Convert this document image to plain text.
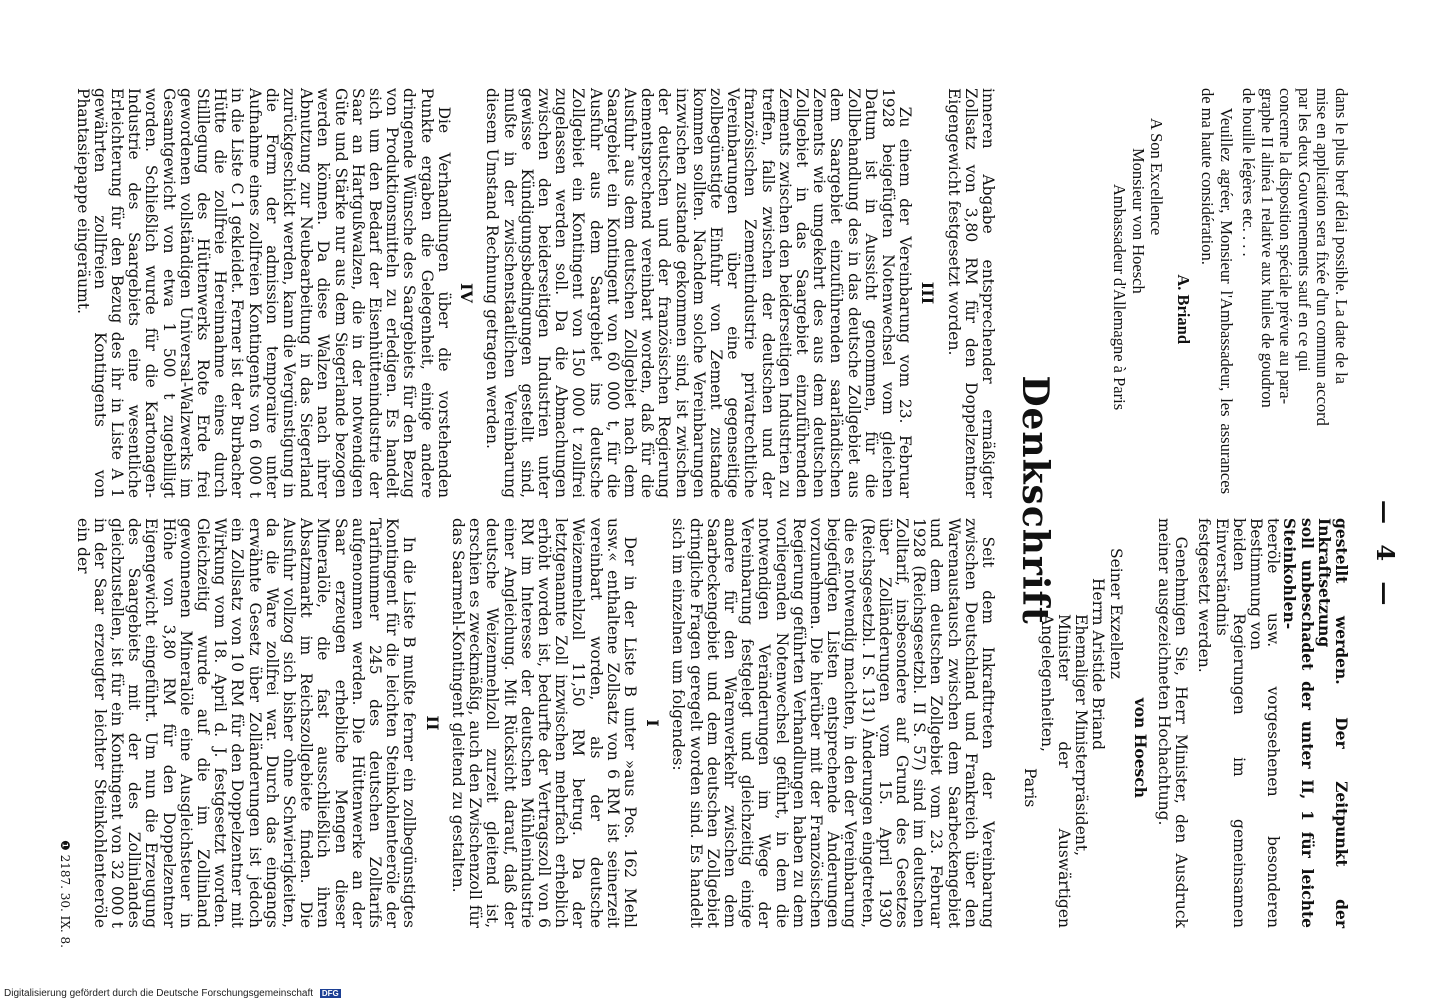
— 4 —
dans le plus bref délai possible. La date de la
mise en application sera fixée d'un commun accord
par les deux Gouvernements sauf en ce qui
concerne la disposition spéciale prévue au para-
graphe II alinéa 1 relative aux huiles de goudron
de houille légères etc. . . .

Veuillez agréer, Monsieur l'Ambassadeur, les assurances de ma haute considération.

A. Briand
A Son Excellence
Monsieur von Hoesch
Ambassadeur d'Allemagne à Paris
gestellt werden. Der Zeitpunkt der Inkraftsetzung
soll unbeschadet der unter II, 1 für leichte Steinkohlen-
teeröle usw. vorgesehenen besonderen Bestimmung von
beiden Regierungen im gemeinsamen Einverständnis
festgesetzt werden.

Genehmigen Sie, Herr Minister, den Ausdruck meiner ausgezeichneten Hochachtung.

von Hoesch
Seiner Exzellenz
Herrn Aristide Briand
Ehemaliger Ministerpräsident,
Minister der Auswärtigen Angelegenheiten,
Paris
Denkschrift

inneren Abgabe entsprechender ermäßigter Zollsatz von 3,80 RM für den Doppelzentner Eigengewicht festgesetzt worden.

III

Zu einem der Vereinbarung vom 23. Februar 1928 beigefügten Notenwechsel vom gleichen Datum ist in Aussicht genommen, für die Zollbehandlung des in das deutsche Zollgebiet aus dem Saargebiet einzuführenden saarländischen Zements wie umgekehrt des aus dem deutschen Zollgebiet in das Saargebiet einzuführenden Zements zwischen den beiderseitigen Industrien zu treffen, falls zwischen der deutschen und der französischen Zementindustrie privatrechtliche Vereinbarungen über eine gegenseitige zollbegünstigte Einfuhr von Zement zustande kommen sollten. Nachdem solche Vereinbarungen inzwischen zustande gekommen sind, ist zwischen der deutschen und der französischen Regierung dementsprechend vereinbart worden, daß für die Ausfuhr aus dem deutschen Zollgebiet nach dem Saargebiet ein Kontingent von 60 000 t, für die Ausfuhr aus dem Saargebiet ins deutsche Zollgebiet ein Kontingent von 150 000 t zollfrei zugelassen werden soll. Da die Abmachungen zwischen den beiderseitigen Industrien unter gewisse Kündigungsbedingungen gestellt sind, mußte in der zwischenstaatlichen Vereinbarung diesem Umstand Rechnung getragen werden.

IV

Die Verhandlungen über die vorstehenden Punkte ergaben die Gelegenheit, einige andere dringende Wünsche des Saargebiets für den Bezug von Produktionsmitteln zu erledigen. Es handelt sich um den Bedarf der Eisenhüttenindustrie der Saar an Hartgußwalzen, die in der notwendigen Güte und Stärke nur aus dem Siegerlande bezogen werden können. Da diese Walzen nach ihrer Abnutzung zur Neubearbeitung in das Siegerland zurückgeschickt werden, kann die Vergünstigung in die Form der admission temporaire unter Aufnahme eines zollfreien Kontingents von 6 000 t in die Liste C 1 gekleidet. Ferner ist der Burbacher Hütte die zollfreie Hereinnahme eines durch Stilllegung des Hüttenwerks Rote Erde frei gewordenen vollständigen Universal-Walzwerks im Gesamtgewicht von etwa 1 500 t zugebilligt worden. Schließlich wurde für die Kartonagen-Industrie des Saargebiets eine wesentliche Erleichterung für den Bezug des ihr in Liste A 1 gewährten zollfreien Kontingents von Phantasiepappe eingeräumt.

Seit dem Inkrafttreten der Vereinbarung zwischen Deutschland und Frankreich über den Warenaustausch zwischen dem Saarbeckengebiet und dem deutschen Zollgebiet vom 23. Februar 1928 (Reichsgesetzbl. II S. 57) sind im deutschen Zolltarif, insbesondere auf Grund des Gesetzes über Zolländerungen vom 15. April 1930 (Reichsgesetzbl. I S. 131) Änderungen eingetreten, die es notwendig machten, in den der Vereinbarung beigefügten Listen entsprechende Änderungen vorzunehmen. Die hierüber mit der Französischen Regierung geführten Verhandlungen haben zu dem vorliegenden Notenwechsel geführt, in dem die notwendigen Veränderungen im Wege der Vereinbarung festgelegt und gleichzeitig einige andere für den Warenverkehr zwischen dem Saarbeckengebiet und dem deutschen Zollgebiet dringliche Fragen geregelt worden sind. Es handelt sich im einzelnen um folgendes:

I

Der in der Liste B unter »aus Pos. 162 Mehl usw.« enthaltene Zollsatz von 6 RM ist seinerzeit vereinbart worden, als der deutsche Weizenmehlzoll 11,50 RM betrug. Da der letztgenannte Zoll inzwischen mehrfach erheblich erhöht worden ist, bedurfte der Vertragszoll von 6 RM im Interesse der deutschen Mühlenindustrie einer Angleichung. Mit Rücksicht darauf, daß der deutsche Weizenmehlzoll zurzeit gleitend ist, erschien es zweckmäßig, auch den Zwischenzoll für das Saarmehl-Kontingent gleitend zu gestalten.

II

In die Liste B mußte ferner ein zollbegünstigtes Kontingent für die leichten Steinkohlenteeröle der Tarifnummer 245 des deutschen Zolltarifs aufgenommen werden. Die Hüttenwerke an der Saar erzeugen erhebliche Mengen dieser Mineralöle, die fast ausschließlich ihren Absatzmarkt im Reichszollgebiete finden. Die Ausfuhr vollzog sich bisher ohne Schwierigkeiten, da die Ware zollfrei war. Durch das eingangs erwähnte Gesetz über Zolländerungen ist jedoch ein Zollsatz von 10 RM für den Doppelzentner mit Wirkung vom 18. April d. J. festgesetzt worden. Gleichzeitig wurde auf die im Zollinland gewonnenen Mineralöle eine Ausgleichsteuer in Höhe von 3,80 RM für den Doppelzentner Eigengewicht eingeführt. Um nun die Erzeugung des Saargebiets mit der des Zollinlandes gleichzustellen, ist für ein Kontingent von 32 000 t in der Saar erzeugter leichter Steinkohlenteeröle ein der

❶ 2187. 30. IX. 8.
Digitalisierung gefördert durch die Deutsche Forschungsgemeinschaft DFG
